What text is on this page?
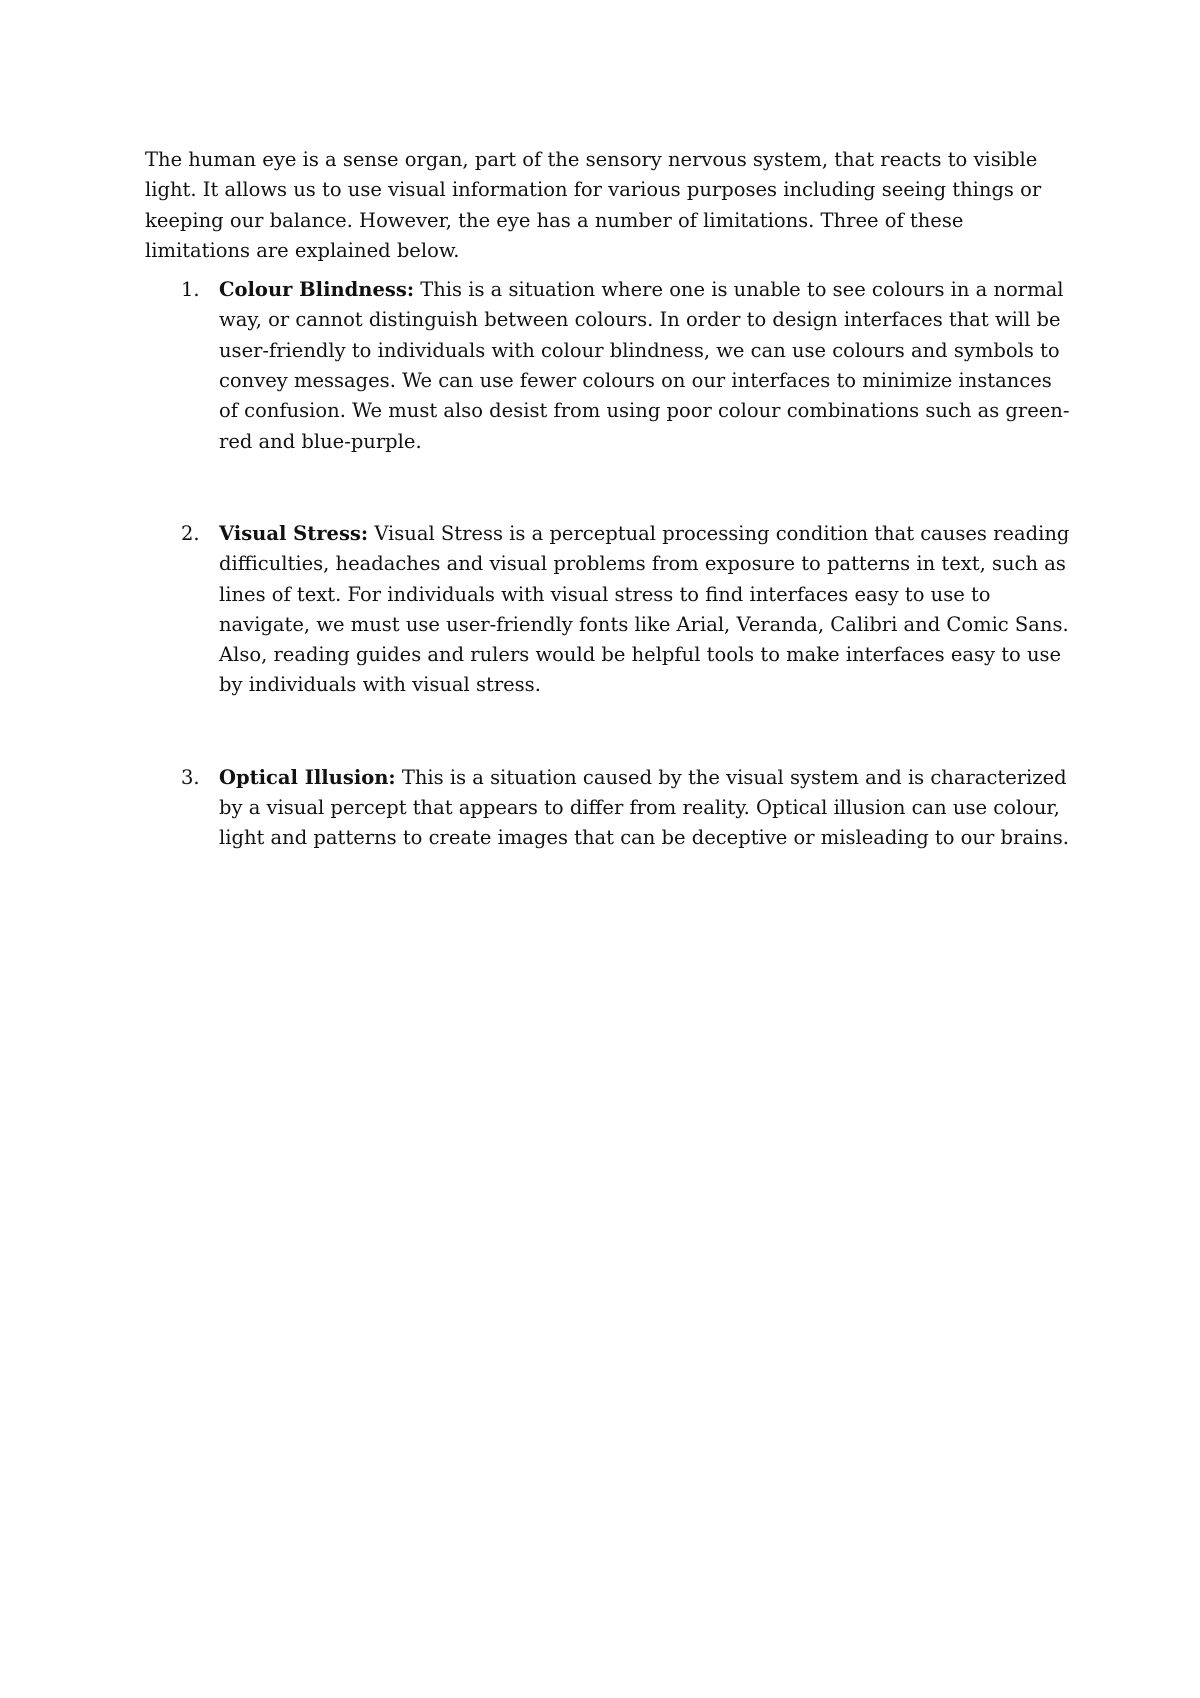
The human eye is a sense organ, part of the sensory nervous system, that reacts to visible light. It allows us to use visual information for various purposes including seeing things or keeping our balance. However, the eye has a number of limitations. Three of these limitations are explained below.

1. Colour Blindness: This is a situation where one is unable to see colours in a normal way, or cannot distinguish between colours. In order to design interfaces that will be user-friendly to individuals with colour blindness, we can use colours and symbols to convey messages. We can use fewer colours on our interfaces to minimize instances of confusion. We must also desist from using poor colour combinations such as green-red and blue-purple.
2. Visual Stress: Visual Stress is a perceptual processing condition that causes reading difficulties, headaches and visual problems from exposure to patterns in text, such as lines of text. For individuals with visual stress to find interfaces easy to use to navigate, we must use user-friendly fonts like Arial, Veranda, Calibri and Comic Sans. Also, reading guides and rulers would be helpful tools to make interfaces easy to use by individuals with visual stress.
3. Optical Illusion: This is a situation caused by the visual system and is characterized by a visual percept that appears to differ from reality. Optical illusion can use colour, light and patterns to create images that can be deceptive or misleading to our brains.
